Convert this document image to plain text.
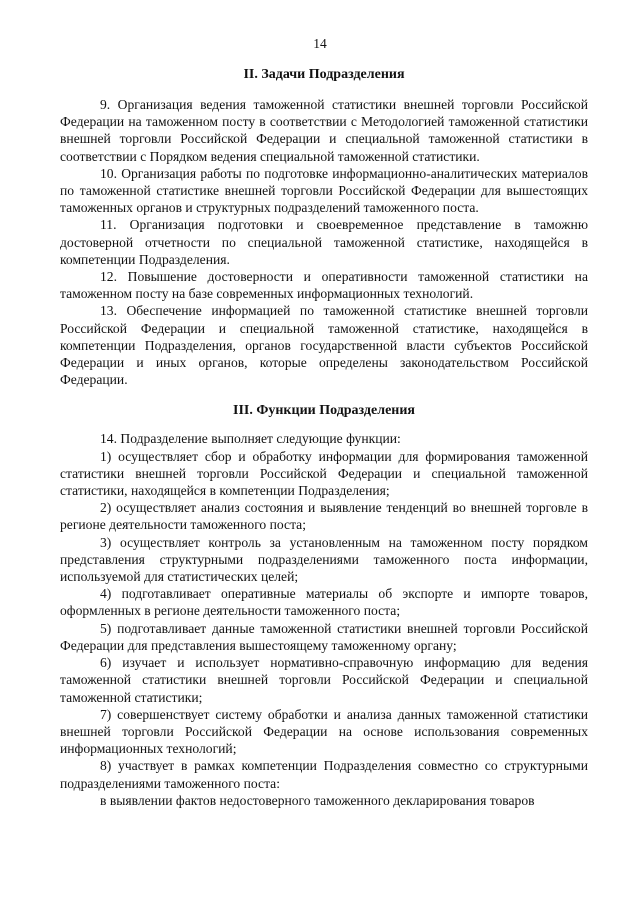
14
II. Задачи Подразделения

9. Организация ведения таможенной статистики внешней торговли Российской Федерации на таможенном посту в соответствии с Методологией таможенной статистики внешней торговли Российской Федерации и специальной таможенной статистики в соответствии с Порядком ведения специальной таможенной статистики.

10. Организация работы по подготовке информационно-аналитических материалов по таможенной статистике внешней торговли Российской Федерации для вышестоящих таможенных органов и структурных подразделений таможенного поста.

11. Организация подготовки и своевременное представление в таможню достоверной отчетности по специальной таможенной статистике, находящейся в компетенции Подразделения.

12. Повышение достоверности и оперативности таможенной статистики на таможенном посту на базе современных информационных технологий.

13. Обеспечение информацией по таможенной статистике внешней торговли Российской Федерации и специальной таможенной статистике, находящейся в компетенции Подразделения, органов государственной власти субъектов Российской Федерации и иных органов, которые определены законодательством Российской Федерации.

III. Функции Подразделения

14. Подразделение выполняет следующие функции:

1) осуществляет сбор и обработку информации для формирования таможенной статистики внешней торговли Российской Федерации и специальной таможенной статистики, находящейся в компетенции Подразделения;

2) осуществляет анализ состояния и выявление тенденций во внешней торговле в регионе деятельности таможенного поста;

3) осуществляет контроль за установленным на таможенном посту порядком представления структурными подразделениями таможенного поста информации, используемой для статистических целей;

4) подготавливает оперативные материалы об экспорте и импорте товаров, оформленных в регионе деятельности таможенного поста;

5) подготавливает данные таможенной статистики внешней торговли Российской Федерации для представления вышестоящему таможенному органу;

6) изучает и использует нормативно-справочную информацию для ведения таможенной статистики внешней торговли Российской Федерации и специальной таможенной статистики;

7) совершенствует систему обработки и анализа данных таможенной статистики внешней торговли Российской Федерации на основе использования современных информационных технологий;

8) участвует в рамках компетенции Подразделения совместно со структурными подразделениями таможенного поста:

в выявлении фактов недостоверного таможенного декларирования товаров
